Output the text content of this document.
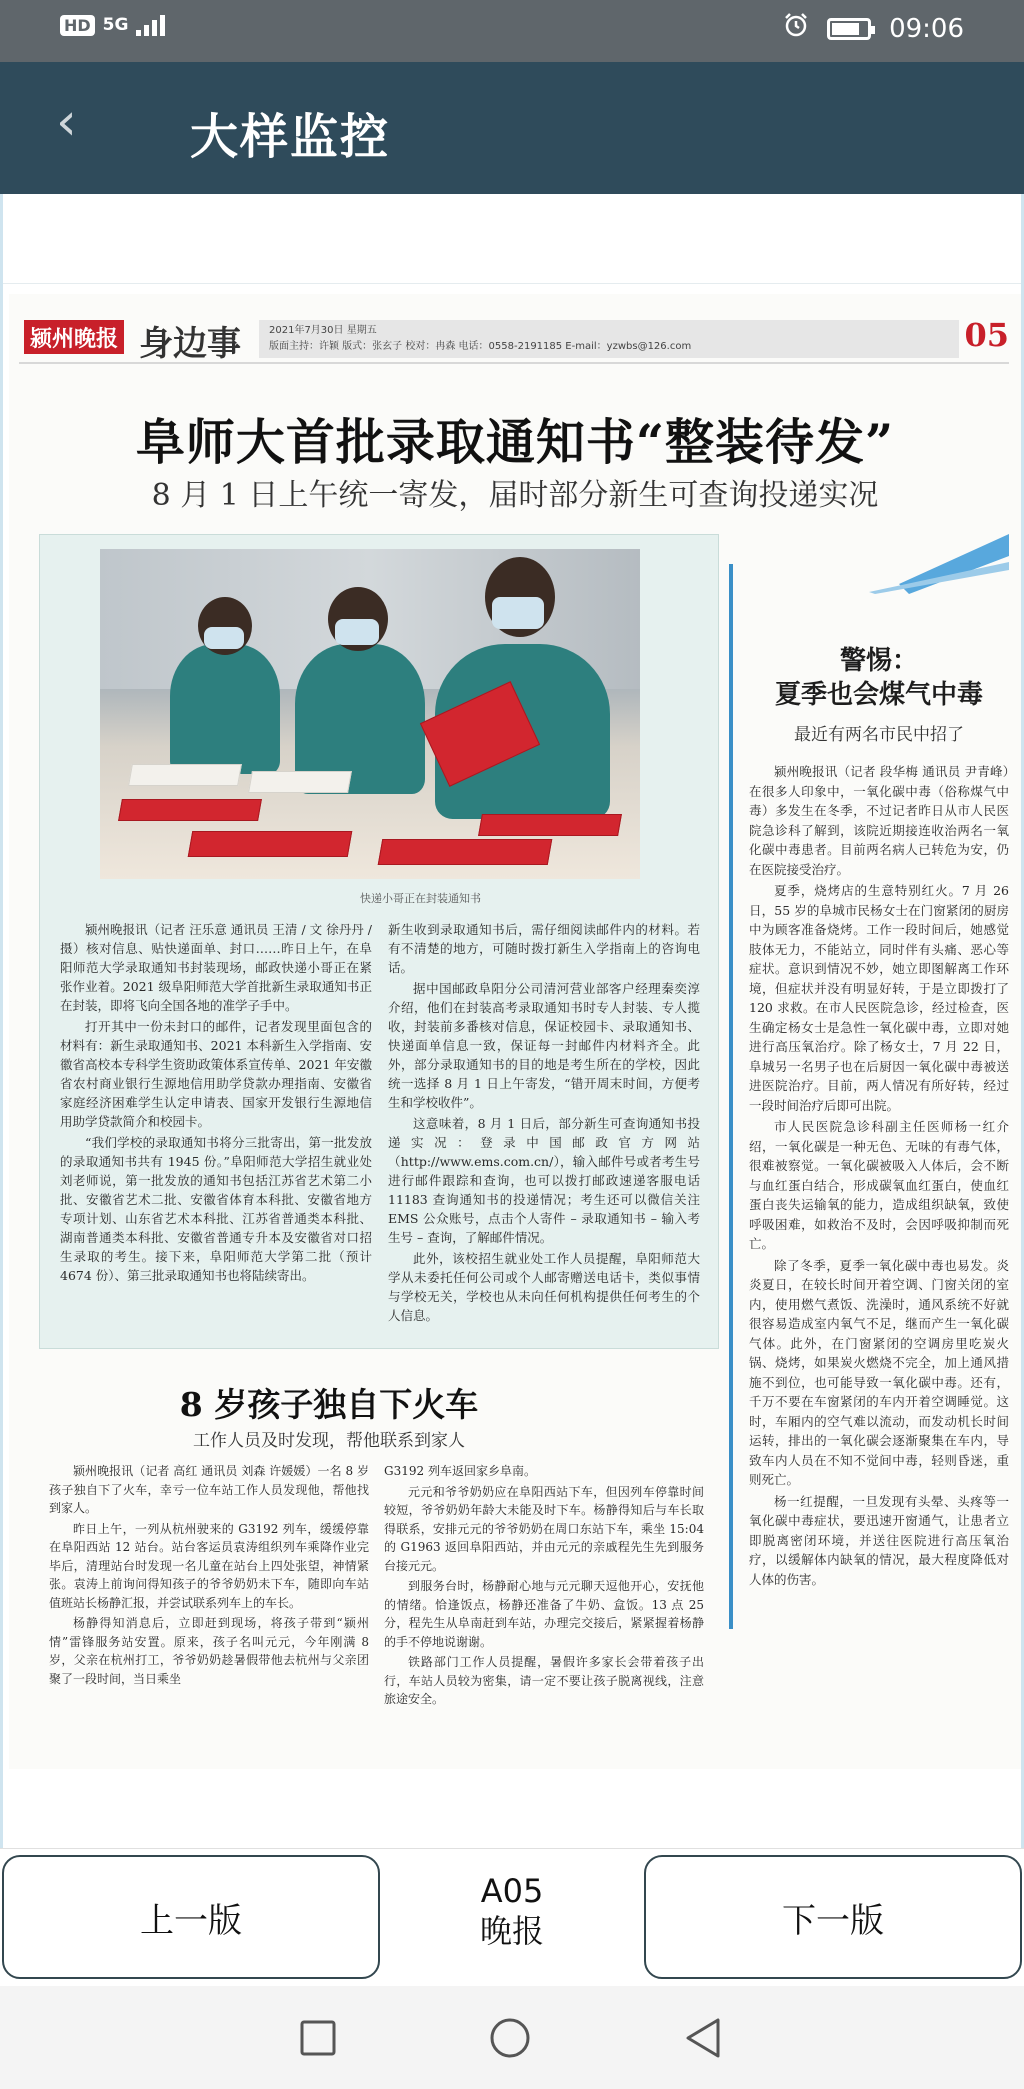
HD 5G	09:06
‹ 大样监控
颍州晚报 身边事	2021年7月30日 星期五
版面主持：许颖 版式：张玄子 校对：冉森 电话：0558-2191185 E-mail：yzwbs@126.com	05
阜师大首批录取通知书“整装待发”
8 月 1 日上午统一寄发，届时部分新生可查询投递实况
快递小哥正在封装通知书

颍州晚报讯（记者 汪乐意 通讯员 王清 / 文 徐丹丹 / 摄）核对信息、贴快递面单、封口……昨日上午，在阜阳师范大学录取通知书封装现场，邮政快递小哥正在紧张作业着。2021 级阜阳师范大学首批新生录取通知书正在封装，即将飞向全国各地的准学子手中。

打开其中一份未封口的邮件，记者发现里面包含的材料有：新生录取通知书、2021 本科新生入学指南、安徽省高校本专科学生资助政策体系宣传单、2021 年安徽省农村商业银行生源地信用助学贷款办理指南、安徽省家庭经济困难学生认定申请表、国家开发银行生源地信用助学贷款简介和校园卡。

“我们学校的录取通知书将分三批寄出，第一批发放的录取通知书共有 1945 份。”阜阳师范大学招生就业处刘老师说，第一批发放的通知书包括江苏省艺术第二小批、安徽省艺术二批、安徽省体育本科批、安徽省地方专项计划、山东省艺术本科批、江苏省普通类本科批、湖南普通类本科批、安徽省普通专升本及安徽省对口招生录取的考生。接下来，阜阳师范大学第二批（预计 4674 份）、第三批录取通知书也将陆续寄出。

新生收到录取通知书后，需仔细阅读邮件内的材料。若有不清楚的地方，可随时拨打新生入学指南上的咨询电话。

据中国邮政阜阳分公司清河营业部客户经理秦奕淳介绍，他们在封装高考录取通知书时专人封装、专人揽收，封装前多番核对信息，保证校园卡、录取通知书、快递面单信息一致，保证每一封邮件内材料齐全。此外，部分录取通知书的目的地是考生所在的学校，因此统一选择 8 月 1 日上午寄发，“错开周末时间，方便考生和学校收件”。

这意味着，8 月 1 日后，部分新生可查询通知书投递实况：登录中国邮政官方网站（http://www.ems.com.cn/），输入邮件号或者考生号进行邮件跟踪和查询，也可以拨打邮政速递客服电话 11183 查询通知书的投递情况；考生还可以微信关注 EMS 公众账号，点击个人寄件 – 录取通知书 – 输入考生号 – 查询，了解邮件情况。

此外，该校招生就业处工作人员提醒，阜阳师范大学从未委托任何公司或个人邮寄赠送电话卡，类似事情与学校无关，学校也从未向任何机构提供任何考生的个人信息。

警惕：
夏季也会煤气中毒
最近有两名市民中招了

颍州晚报讯（记者 段华梅 通讯员 尹青峰）在很多人印象中，一氧化碳中毒（俗称煤气中毒）多发生在冬季，不过记者昨日从市人民医院急诊科了解到，该院近期接连收治两名一氧化碳中毒患者。目前两名病人已转危为安，仍在医院接受治疗。

夏季，烧烤店的生意特别红火。7 月 26 日，55 岁的阜城市民杨女士在门窗紧闭的厨房中为顾客准备烧烤。工作一段时间后，她感觉肢体无力，不能站立，同时伴有头痛、恶心等症状。意识到情况不妙，她立即图解离工作环境，但症状并没有明显好转，于是立即拨打了 120 求救。在市人民医院急诊，经过检查，医生确定杨女士是急性一氧化碳中毒，立即对她进行高压氧治疗。除了杨女士，7 月 22 日，阜城另一名男子也在后厨因一氧化碳中毒被送进医院治疗。目前，两人情况有所好转，经过一段时间治疗后即可出院。

市人民医院急诊科副主任医师杨一红介绍，一氧化碳是一种无色、无味的有毒气体，很难被察觉。一氧化碳被吸入人体后，会不断与血红蛋白结合，形成碳氧血红蛋白，使血红蛋白丧失运输氧的能力，造成组织缺氧，致使呼吸困难，如救治不及时，会因呼吸抑制而死亡。

除了冬季，夏季一氧化碳中毒也易发。炎炎夏日，在较长时间开着空调、门窗关闭的室内，使用燃气煮饭、洗澡时，通风系统不好就很容易造成室内氧气不足，继而产生一氧化碳气体。此外，在门窗紧闭的空调房里吃炭火锅、烧烤，如果炭火燃烧不完全，加上通风措施不到位，也可能导致一氧化碳中毒。还有，千万不要在车窗紧闭的车内开着空调睡觉。这时，车厢内的空气难以流动，而发动机长时间运转，排出的一氧化碳会逐渐聚集在车内，导致车内人员在不知不觉间中毒，轻则昏迷，重则死亡。

杨一红提醒，一旦发现有头晕、头疼等一氧化碳中毒症状，要迅速开窗通气，让患者立即脱离密闭环境，并送往医院进行高压氧治疗，以缓解体内缺氧的情况，最大程度降低对人体的伤害。

8 岁孩子独自下火车
工作人员及时发现，帮他联系到家人

颍州晚报讯（记者 高红 通讯员 刘森 许媛媛）一名 8 岁孩子独自下了火车，幸亏一位车站工作人员发现他，帮他找到家人。

昨日上午，一列从杭州驶来的 G3192 列车，缓缓停靠在阜阳西站 12 站台。站台客运员袁涛组织列车乘降作业完毕后，清理站台时发现一名儿童在站台上四处张望，神情紧张。袁涛上前询问得知孩子的爷爷奶奶未下车，随即向车站值班站长杨静汇报，并尝试联系列车上的车长。

杨静得知消息后，立即赶到现场，将孩子带到“颍州情”雷锋服务站安置。原来，孩子名叫元元，今年刚满 8 岁，父亲在杭州打工，爷爷奶奶趁暑假带他去杭州与父亲团聚了一段时间，当日乘坐

G3192 列车返回家乡阜南。

元元和爷爷奶奶应在阜阳西站下车，但因列车停靠时间较短，爷爷奶奶年龄大未能及时下车。杨静得知后与车长取得联系，安排元元的爷爷奶奶在周口东站下车，乘坐 15:04 的 G1963 返回阜阳西站，并由元元的亲戚程先生先到服务台接元元。

到服务台时，杨静耐心地与元元聊天逗他开心，安抚他的情绪。恰逢饭点，杨静还准备了牛奶、盒饭。13 点 25 分，程先生从阜南赶到车站，办理完交接后，紧紧握着杨静的手不停地说谢谢。

铁路部门工作人员提醒，暑假许多家长会带着孩子出行，车站人员较为密集，请一定不要让孩子脱离视线，注意旅途安全。

上一版
A05
晚报	下一版
